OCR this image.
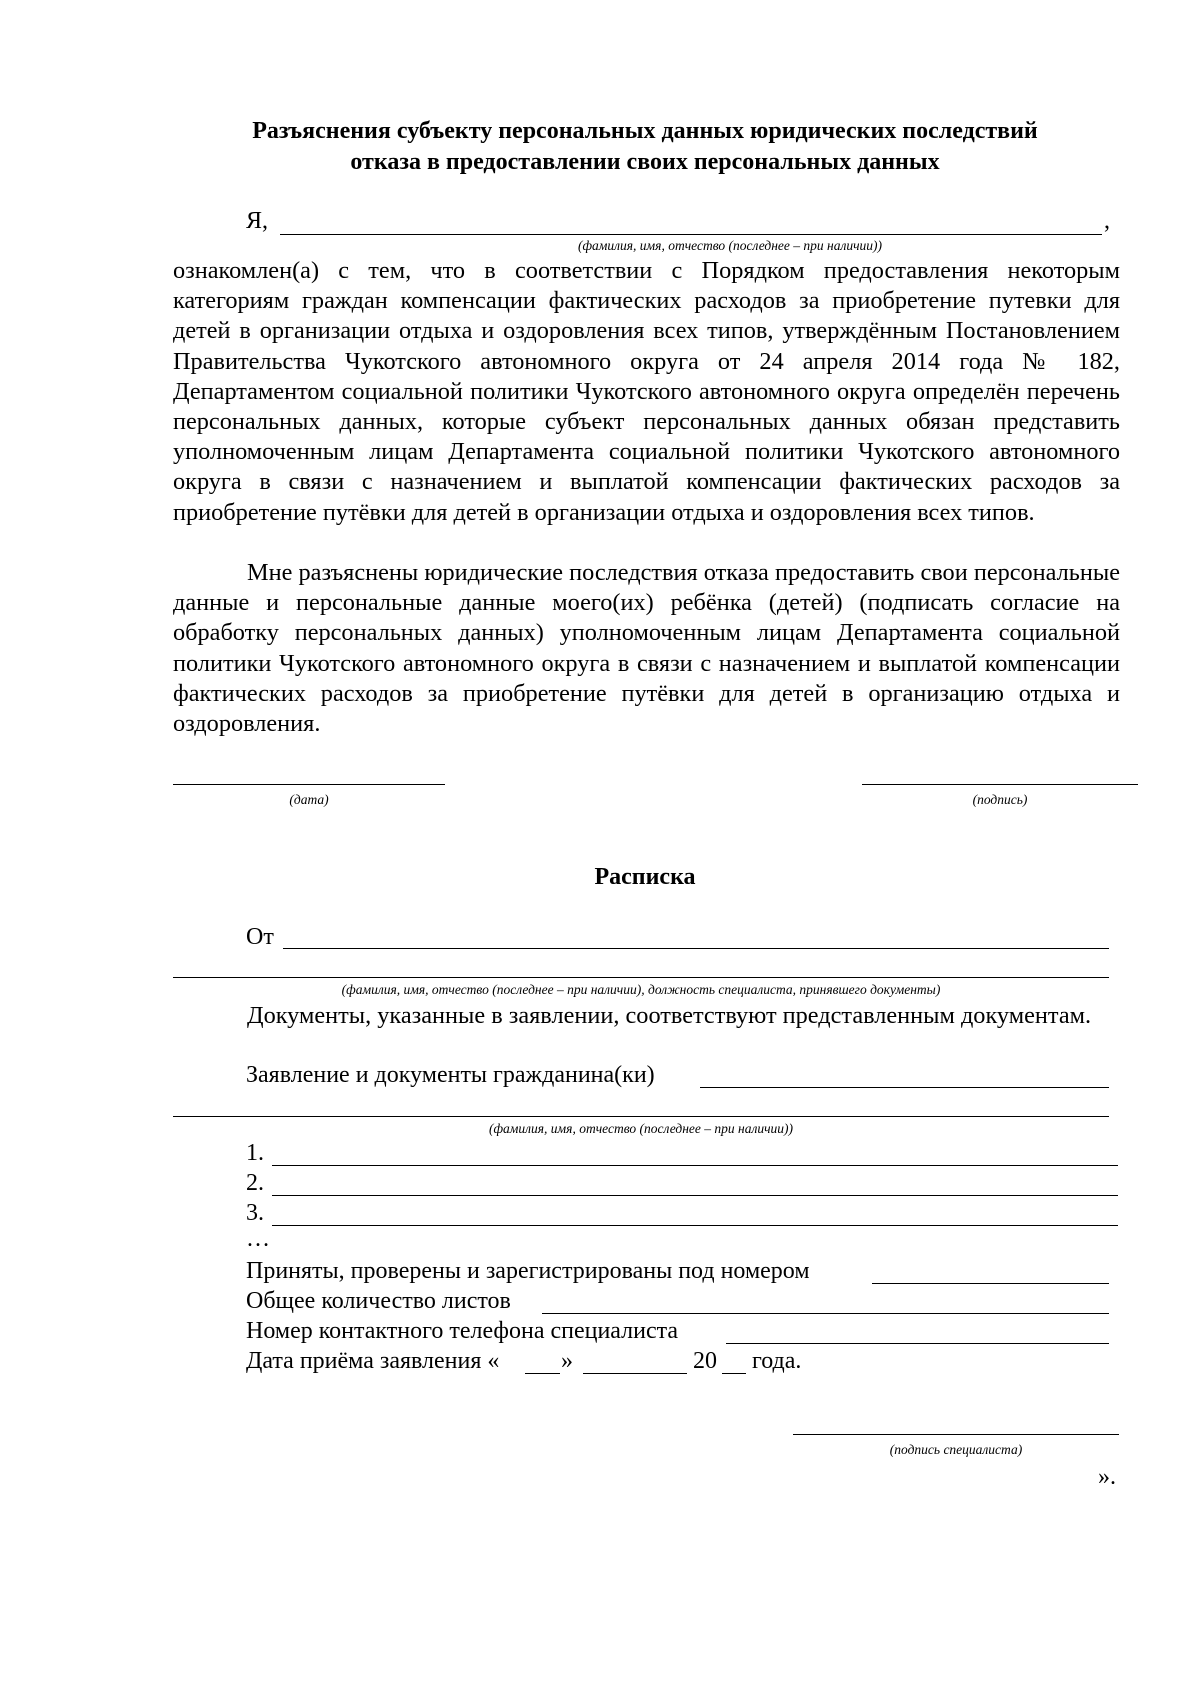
Разъяснения субъекту персональных данных юридических последствий
отказа в предоставлении своих персональных данных
Я,	,
(фамилия, имя, отчество (последнее – при наличии))
ознакомлен(а) с тем, что в соответствии с Порядком предоставления некоторым категориям граждан компенсации фактических расходов за приобретение путевки для детей в организации отдыха и оздоровления всех типов, утверждённым Постановлением Правительства Чукотского автономного округа от 24 апреля 2014 года № 182, Департаментом социальной политики Чукотского автономного округа определён перечень персональных данных, которые субъект персональных данных обязан представить уполномоченным лицам Департамента социальной политики Чукотского автономного округа в связи с назначением и выплатой компенсации фактических расходов за приобретение путёвки для детей в организации отдыха и оздоровления всех типов.
Мне разъяснены юридические последствия отказа предоставить свои персональные данные и персональные данные моего(их) ребёнка (детей) (подписать согласие на обработку персональных данных) уполномоченным лицам Департамента социальной политики Чукотского автономного округа в связи с назначением и выплатой компенсации фактических расходов за приобретение путёвки для детей в организацию отдыха и оздоровления.
(дата)	(подпись)
Расписка
От
(фамилия, имя, отчество (последнее – при наличии), должность специалиста, принявшего документы)
Документы, указанные в заявлении, соответствуют представленным документам.
Заявление и документы гражданина(ки)
(фамилия, имя, отчество (последнее – при наличии))
1.
2.
3.
…
Приняты, проверены и зарегистрированы под номером
Общее количество листов
Номер контактного телефона специалиста
Дата приёма заявления «	»	20 года.
(подпись специалиста)
».
